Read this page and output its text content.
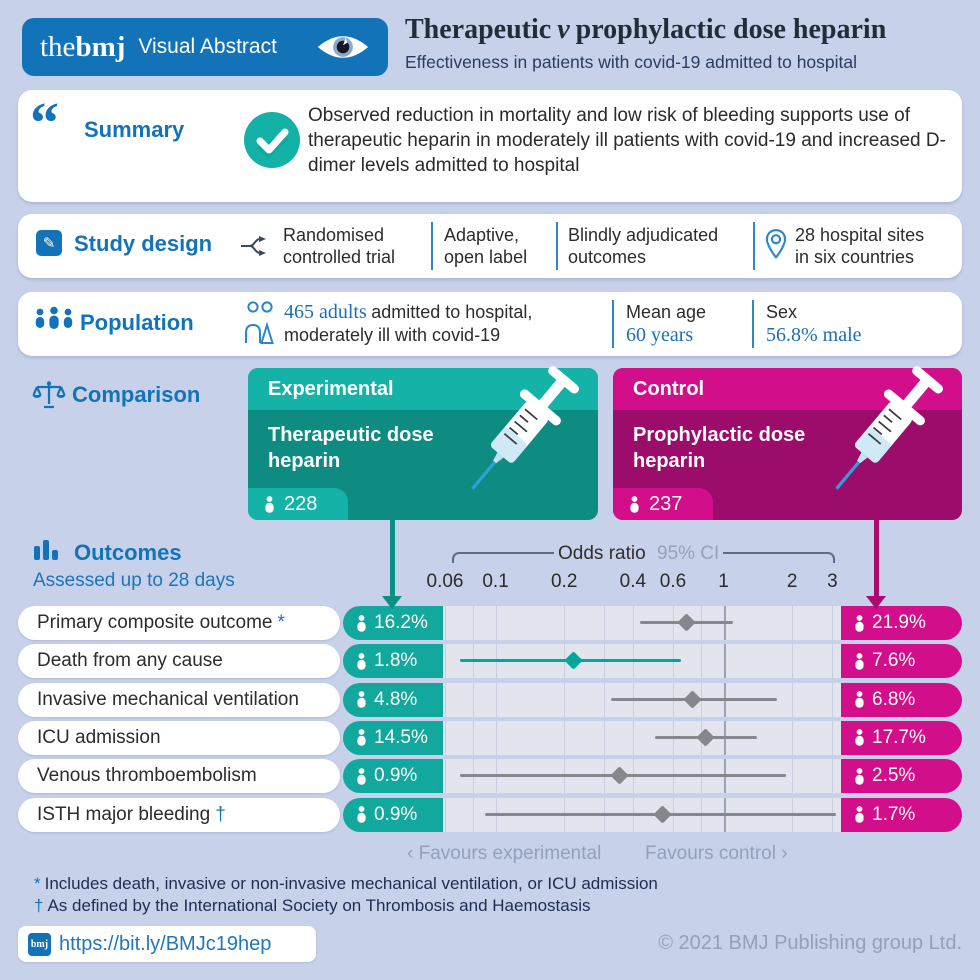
the bmj Visual Abstract
Therapeutic v prophylactic dose heparin
Effectiveness in patients with covid-19 admitted to hospital
“ Summary
Observed reduction in mortality and low risk of bleeding supports use of therapeutic heparin in moderately ill patients with covid-19 and increased D-dimer levels admitted to hospital
✎ Study design	Randomised
controlled trial
Adaptive,
open label
Blindly adjudicated
outcomes
28 hospital sites
in six countries
Population	465 adults admitted to hospital,
moderately ill with covid-19
Mean age
60 years
Sex
56.8% male
Comparison	Experimental
Therapeutic dose heparin
228
Control
Prophylactic dose heparin
237
Outcomes
Assessed up to 28 days
Odds ratio 95% CI
0.06 0.1 0.2 0.4 0.6 1	2 3
Primary composite outcome *	16.2%	21.9%
Death from any cause	1.8%	7.6%
Invasive mechanical ventilation	4.8%	6.8%
ICU admission	14.5%	17.7%
Venous thromboembolism	0.9%	2.5%
ISTH major bleeding †	0.9%	1.7%
‹ Favours experimental Favours control ›
* Includes death, invasive or non-invasive mechanical ventilation, or ICU admission
† As defined by the International Society on Thrombosis and Haemostasis
bmj https://bit.ly/BMJc19hep	© 2021 BMJ Publishing group Ltd.
